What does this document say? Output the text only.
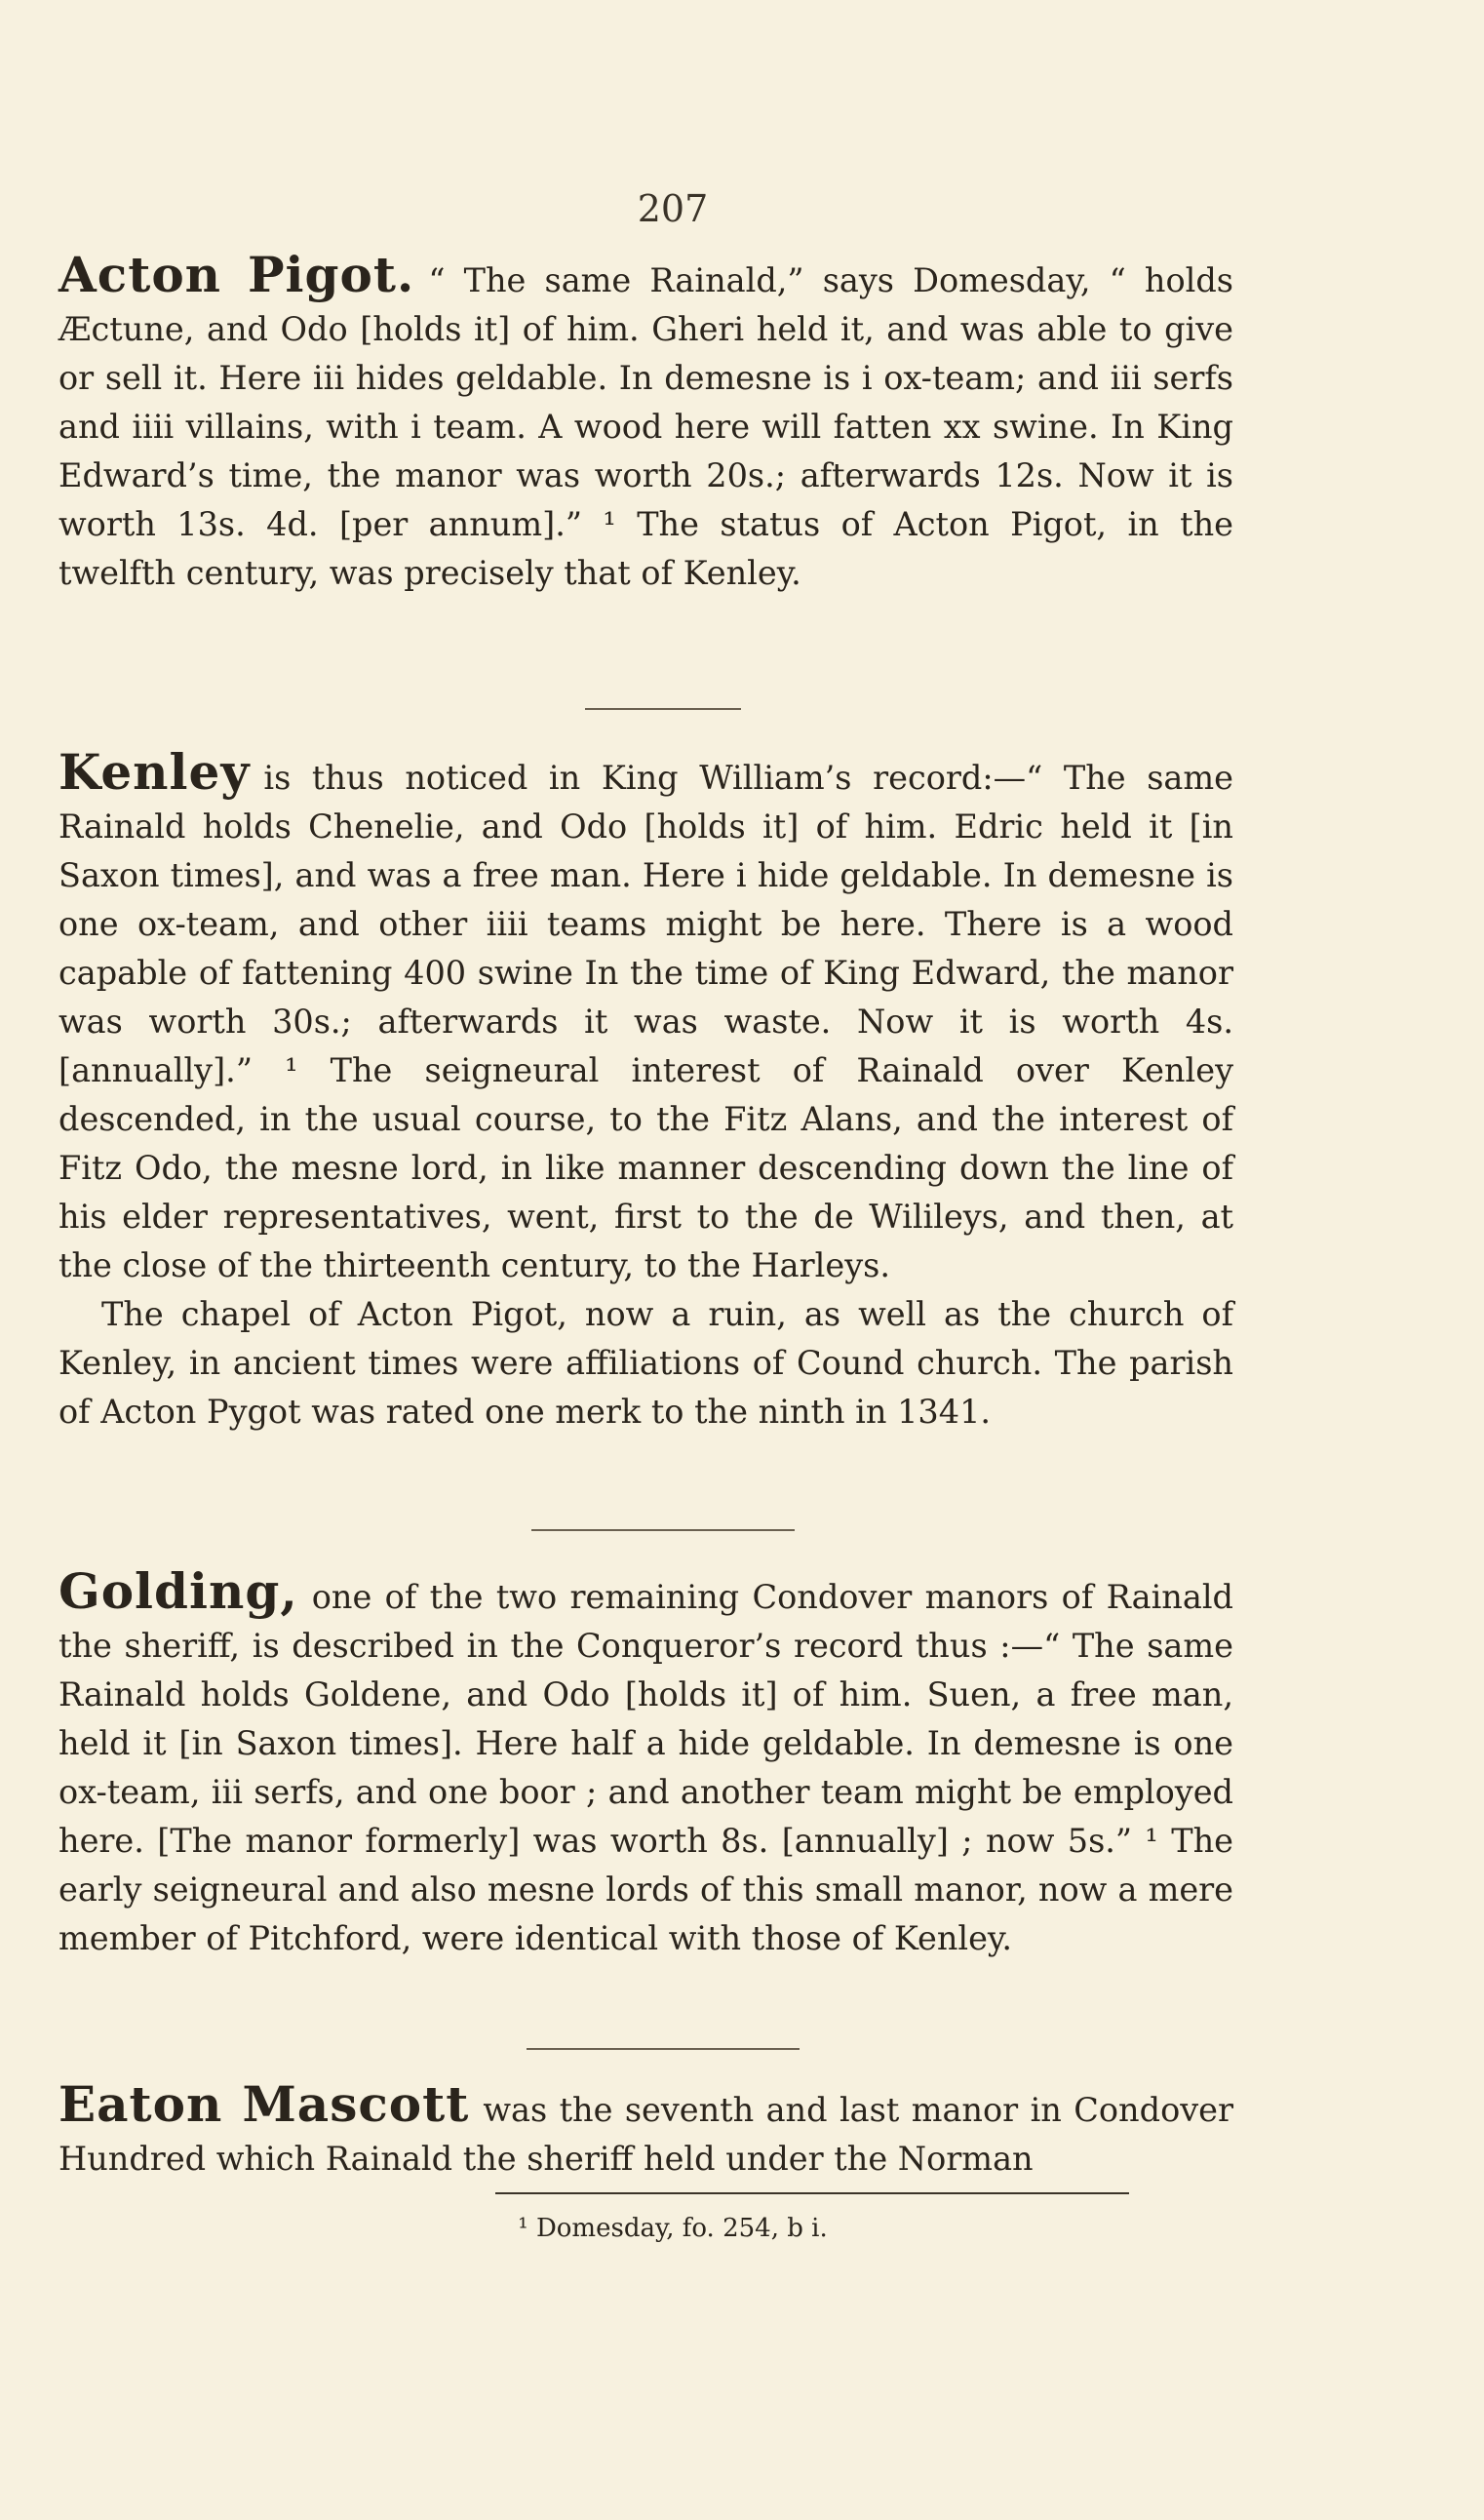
207

Acton Pigot. “ The same Rainald,” says Domesday, “ holds Æctune, and Odo [holds it] of him. Gheri held it, and was able to give or sell it. Here iii hides geldable. In demesne is i ox-team; and iii serfs and iiii villains, with i team. A wood here will fatten xx swine. In King Edward’s time, the manor was worth 20s.; afterwards 12s. Now it is worth 13s. 4d. [per annum].” ¹ The status of Acton Pigot, in the twelfth century, was precisely that of Kenley.

Kenley is thus noticed in King William’s record:—“ The same Rainald holds Chenelie, and Odo [holds it] of him. Edric held it [in Saxon times], and was a free man. Here i hide geldable. In demesne is one ox-team, and other iiii teams might be here. There is a wood capable of fattening 400 swine In the time of King Edward, the manor was worth 30s.; afterwards it was waste. Now it is worth 4s. [annually].” ¹ The seigneural interest of Rainald over Kenley descended, in the usual course, to the Fitz Alans, and the interest of Fitz Odo, the mesne lord, in like manner descending down the line of his elder representatives, went, first to the de Wilileys, and then, at the close of the thirteenth century, to the Harleys.

The chapel of Acton Pigot, now a ruin, as well as the church of Kenley, in ancient times were affiliations of Cound church. The parish of Acton Pygot was rated one merk to the ninth in 1341.

Golding, one of the two remaining Condover manors of Rainald the sheriff, is described in the Conqueror’s record thus :—“ The same Rainald holds Goldene, and Odo [holds it] of him. Suen, a free man, held it [in Saxon times]. Here half a hide geldable. In demesne is one ox-team, iii serfs, and one boor ; and another team might be employed here. [The manor formerly] was worth 8s. [annually] ; now 5s.” ¹ The early seigneural and also mesne lords of this small manor, now a mere member of Pitchford, were identical with those of Kenley.

Eaton Mascott was the seventh and last manor in Condover Hundred which Rainald the sheriff held under the Norman

¹ Domesday, fo. 254, b i.
